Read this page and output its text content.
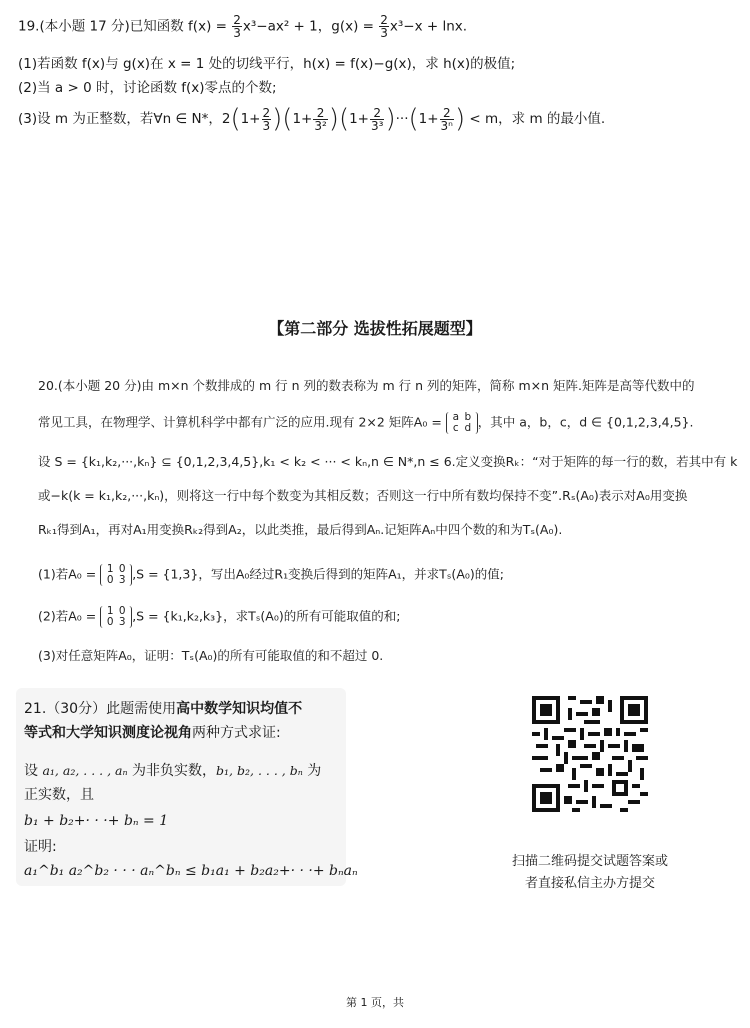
19.(本小题 17 分)已知函数 $f(x) = \frac{2}{3} x^3-ax^2 + 1$，$g(x) = \frac{2}{3} x^3-x + \ln x$.
(1)若函数 f(x)与 g(x)在 x = 1 处的切线平行，h(x) = f(x)−g(x)，求 h(x)的极值;
(2)当 a > 0 时，讨论函数 f(x)零点的个数;
(3)设 m 为正整数，若∀n ∈ N*，$2(1+ \frac{2}{3} )(1+ \frac{2}{\text{3²}} )(1+ \frac{2}{\text{3³}} )\cdot\cdot\cdot(1+ \frac{2}{\text{3ⁿ}}$ ) < m，求 m 的最小值.
【第二部分 选拔性拓展题型】
20.(本小题 20 分)由 m×n 个数排成的 m 行 n 列的数表称为 m 行 n 列的矩阵，简称 m×n 矩阵.矩阵是高等代数中的
常见工具，在物理学、计算机科学中都有广泛的应用.现有 2×2 矩阵A₀ = a b
c d ，其中 a，b，c，d ∈ {0,1,2,3,4,5}.
设 S = {k₁,k₂,···,kₙ} ⊆ {0,1,2,3,4,5},k₁ < k₂ < ··· < kₙ,n ∈ N*,n ≤ 6.定义变换Rₖ：“对于矩阵的每一行的数，若其中有 k
或−k(k = k₁,k₂,···,kₙ)，则将这一行中每个数变为其相反数；否则这一行中所有数均保持不变”.Rₛ(A₀)表示对A₀用变换
Rₖ₁得到A₁，再对A₁用变换Rₖ₂得到A₂，以此类推，最后得到Aₙ.记矩阵Aₙ中四个数的和为Tₛ(A₀).
(1)若A₀ = 1 0
0 3 ,S = {1,3}，写出A₀经过R₁变换后得到的矩阵A₁，并求Tₛ(A₀)的值;
(2)若A₀ = 1 0
0 3 ,S = {k₁,k₂,k₃}，求Tₛ(A₀)的所有可能取值的和;
(3)对任意矩阵A₀，证明：Tₛ(A₀)的所有可能取值的和不超过 0.
21.（30分）此题需使用高中数学知识均值不
等式和大学知识测度论视角两种方式求证:
设 a₁, a₂, . . . , aₙ 为非负实数，b₁, b₂, . . . , bₙ 为
正实数，且
b₁ + b₂+· · ·+ bₙ = 1
证明:
a₁^b₁ a₂^b₂ · · · aₙ^bₙ ≤ b₁a₁ + b₂a₂+· · ·+ bₙaₙ
扫描二维码提交试题答案或
者直接私信主办方提交
第 1 页，共
